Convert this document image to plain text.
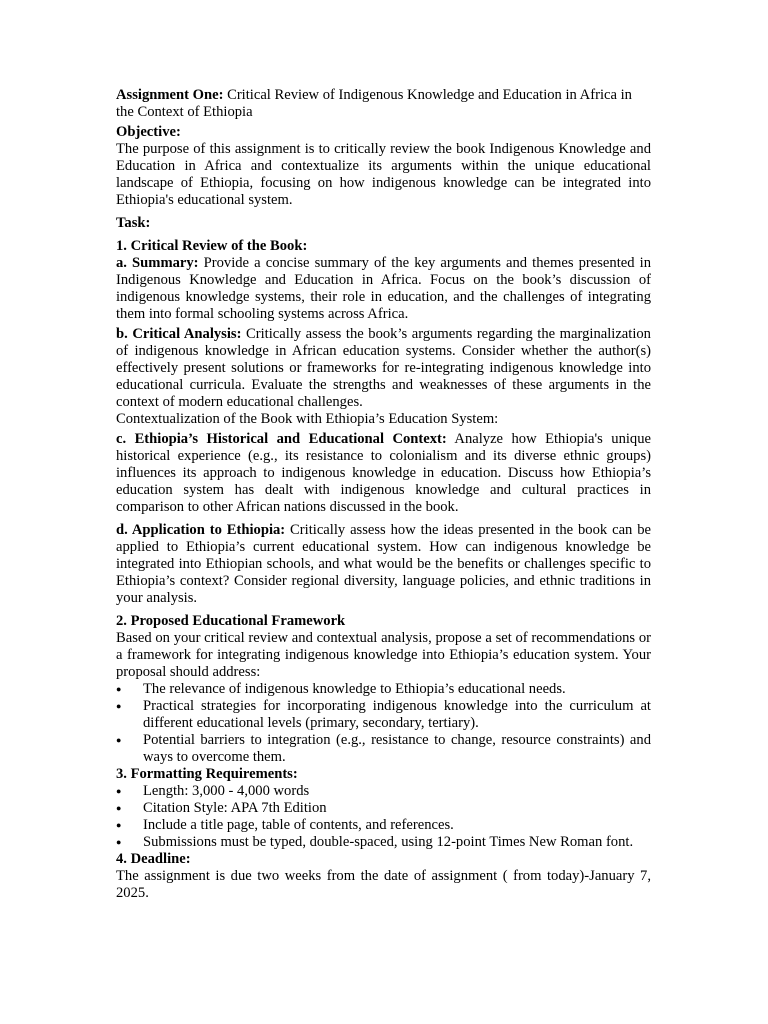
Assignment One: Critical Review of Indigenous Knowledge and Education in Africa in the Context of Ethiopia

Objective:

The purpose of this assignment is to critically review the book Indigenous Knowledge and Education in Africa and contextualize its arguments within the unique educational landscape of Ethiopia, focusing on how indigenous knowledge can be integrated into Ethiopia's educational system.

Task:

1. Critical Review of the Book:

a. Summary: Provide a concise summary of the key arguments and themes presented in Indigenous Knowledge and Education in Africa. Focus on the book’s discussion of indigenous knowledge systems, their role in education, and the challenges of integrating them into formal schooling systems across Africa.

b. Critical Analysis: Critically assess the book’s arguments regarding the marginalization of indigenous knowledge in African education systems. Consider whether the author(s) effectively present solutions or frameworks for re-integrating indigenous knowledge into educational curricula. Evaluate the strengths and weaknesses of these arguments in the context of modern educational challenges.

Contextualization of the Book with Ethiopia’s Education System:

c. Ethiopia’s Historical and Educational Context: Analyze how Ethiopia's unique historical experience (e.g., its resistance to colonialism and its diverse ethnic groups) influences its approach to indigenous knowledge in education. Discuss how Ethiopia’s education system has dealt with indigenous knowledge and cultural practices in comparison to other African nations discussed in the book.

d. Application to Ethiopia: Critically assess how the ideas presented in the book can be applied to Ethiopia’s current educational system. How can indigenous knowledge be integrated into Ethiopian schools, and what would be the benefits or challenges specific to Ethiopia’s context? Consider regional diversity, language policies, and ethnic traditions in your analysis.

2. Proposed Educational Framework

Based on your critical review and contextual analysis, propose a set of recommendations or a framework for integrating indigenous knowledge into Ethiopia’s education system. Your proposal should address:

● The relevance of indigenous knowledge to Ethiopia’s educational needs.
● Practical strategies for incorporating indigenous knowledge into the curriculum at different educational levels (primary, secondary, tertiary).
● Potential barriers to integration (e.g., resistance to change, resource constraints) and ways to overcome them.

3. Formatting Requirements:

● Length: 3,000 - 4,000 words
● Citation Style: APA 7th Edition
● Include a title page, table of contents, and references.
● Submissions must be typed, double-spaced, using 12-point Times New Roman font.

4. Deadline:

The assignment is due two weeks from the date of assignment ( from today)-January 7, 2025.
